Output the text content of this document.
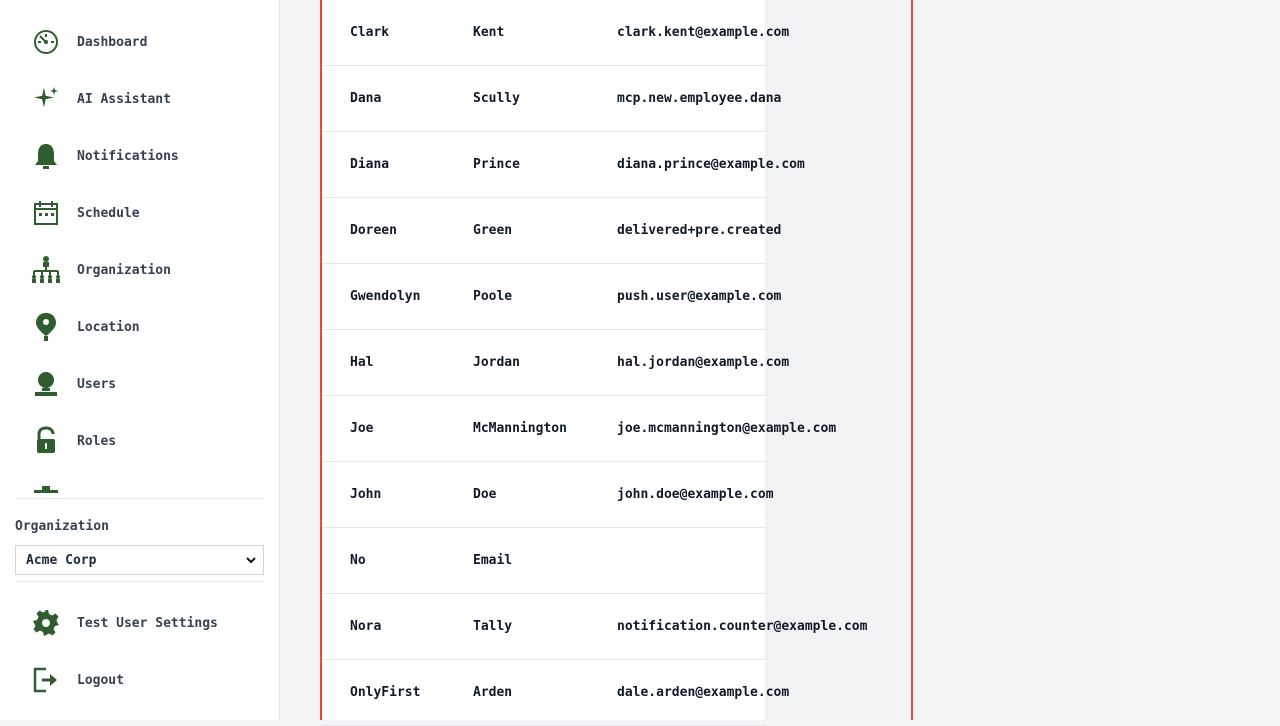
Dashboard
AI Assistant
Notifications
Schedule
Organization
Location
Users
Roles
Organization
Acme Corp
Test User Settings
Logout
Clark	Kent	clark.kent@example.com
Dana	Scully	mcp.new.employee.dana
Diana	Prince	diana.prince@example.com
Doreen	Green	delivered+pre.created
Gwendolyn	Poole	push.user@example.com
Hal	Jordan	hal.jordan@example.com
Joe	McMannington	joe.mcmannington@example.com
John	Doe	john.doe@example.com
No	Email
Nora	Tally	notification.counter@example.com
OnlyFirst	Arden	dale.arden@example.com
